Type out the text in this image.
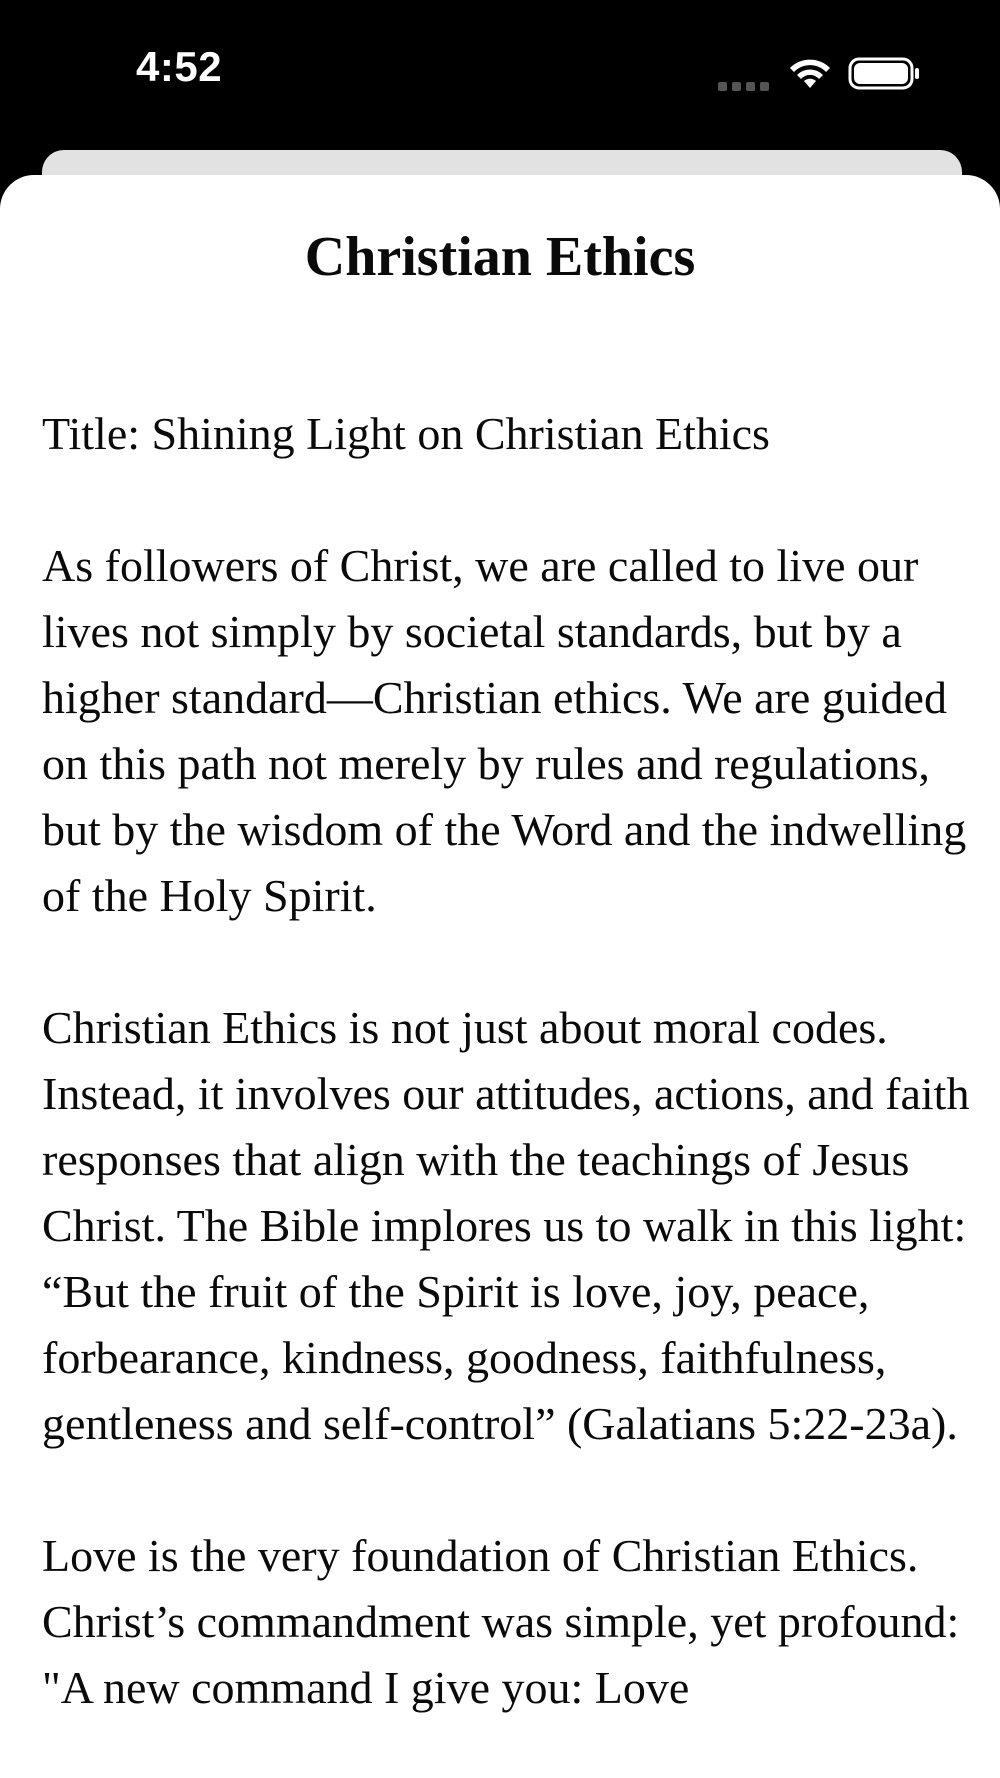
4:52
Christian Ethics

Title: Shining Light on Christian Ethics

As followers of Christ, we are called to live our lives not simply by societal standards, but by a higher standard—Christian ethics. We are guided on this path not merely by rules and regulations, but by the wisdom of the Word and the indwelling of the Holy Spirit.

Christian Ethics is not just about moral codes. Instead, it involves our attitudes, actions, and faith responses that align with the teachings of Jesus Christ. The Bible implores us to walk in this light: “But the fruit of the Spirit is love, joy, peace, forbearance, kindness, goodness, faithfulness, gentleness and self-control” (Galatians 5:22-23a).

Love is the very foundation of Christian Ethics. Christ’s commandment was simple, yet profound: "A new command I give you: Love
